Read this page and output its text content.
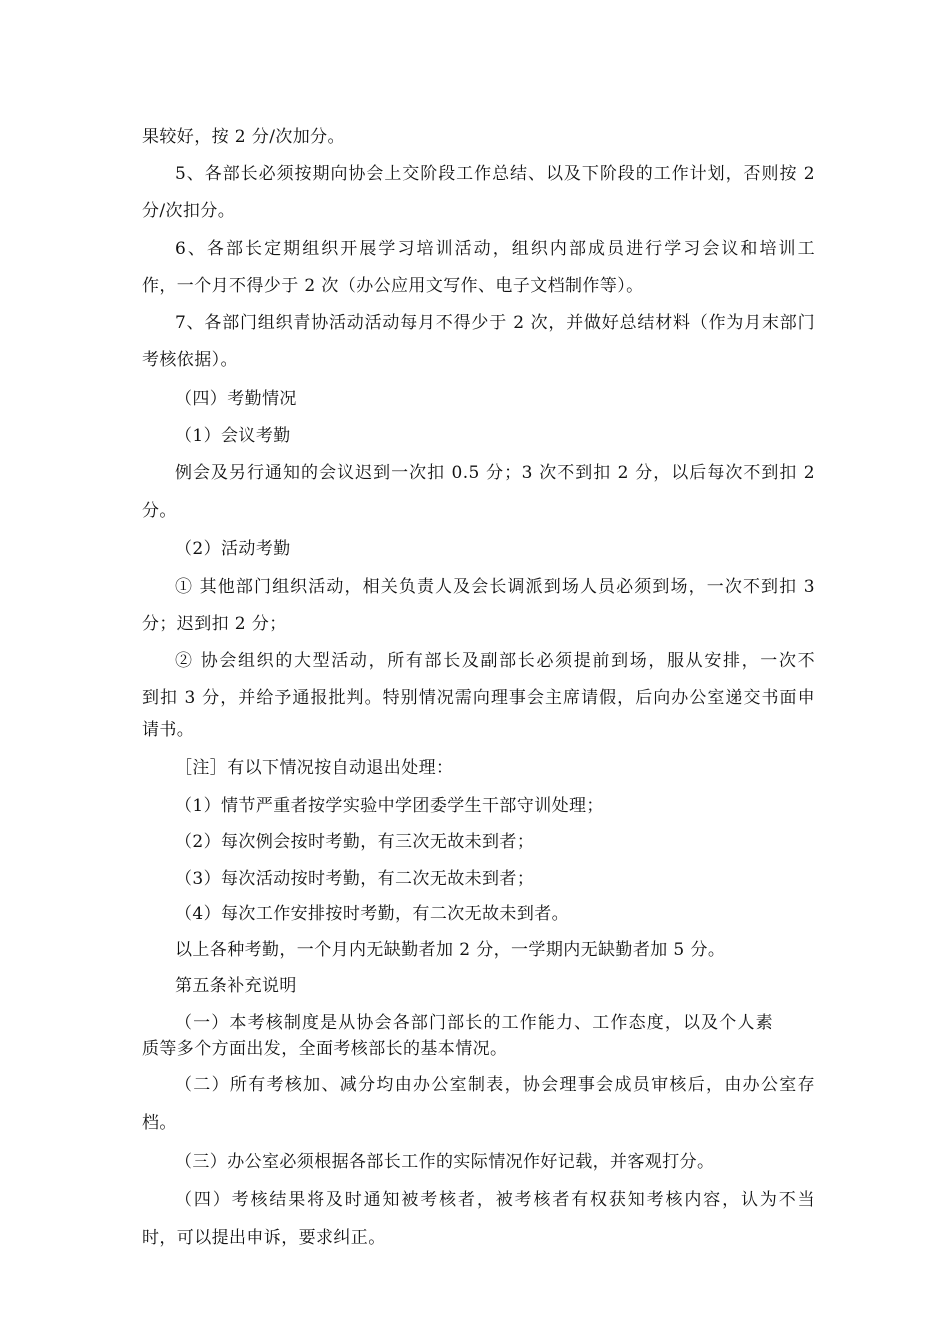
果较好，按 2 分/次加分。
5、各部长必须按期向协会上交阶段工作总结、以及下阶段的工作计划，否则按 2
分/次扣分。
6、各部长定期组织开展学习培训活动，组织内部成员进行学习会议和培训工
作，一个月不得少于 2 次（办公应用文写作、电子文档制作等）。
7、各部门组织青协活动活动每月不得少于 2 次，并做好总结材料（作为月末部门
考核依据）。
（四）考勤情况
（1）会议考勤
例会及另行通知的会议迟到一次扣 0.5 分；3 次不到扣 2 分，以后每次不到扣 2
分。
（2）活动考勤
① 其他部门组织活动，相关负责人及会长调派到场人员必须到场，一次不到扣 3
分；迟到扣 2 分；
② 协会组织的大型活动，所有部长及副部长必须提前到场，服从安排，一次不
到扣 3 分，并给予通报批判。特别情况需向理事会主席请假，后向办公室递交书面申
请书。
［注］有以下情况按自动退出处理：
（1）情节严重者按学实验中学团委学生干部守训处理；
（2）每次例会按时考勤，有三次无故未到者；
（3）每次活动按时考勤，有二次无故未到者；
（4）每次工作安排按时考勤，有二次无故未到者。
以上各种考勤，一个月内无缺勤者加 2 分，一学期内无缺勤者加 5 分。
第五条补充说明
（一）本考核制度是从协会各部门部长的工作能力、工作态度，以及个人素
质等多个方面出发，全面考核部长的基本情况。
（二）所有考核加、减分均由办公室制表，协会理事会成员审核后，由办公室存
档。
（三）办公室必须根据各部长工作的实际情况作好记载，并客观打分。
（四）考核结果将及时通知被考核者，被考核者有权获知考核内容，认为不当
时，可以提出申诉，要求纠正。
